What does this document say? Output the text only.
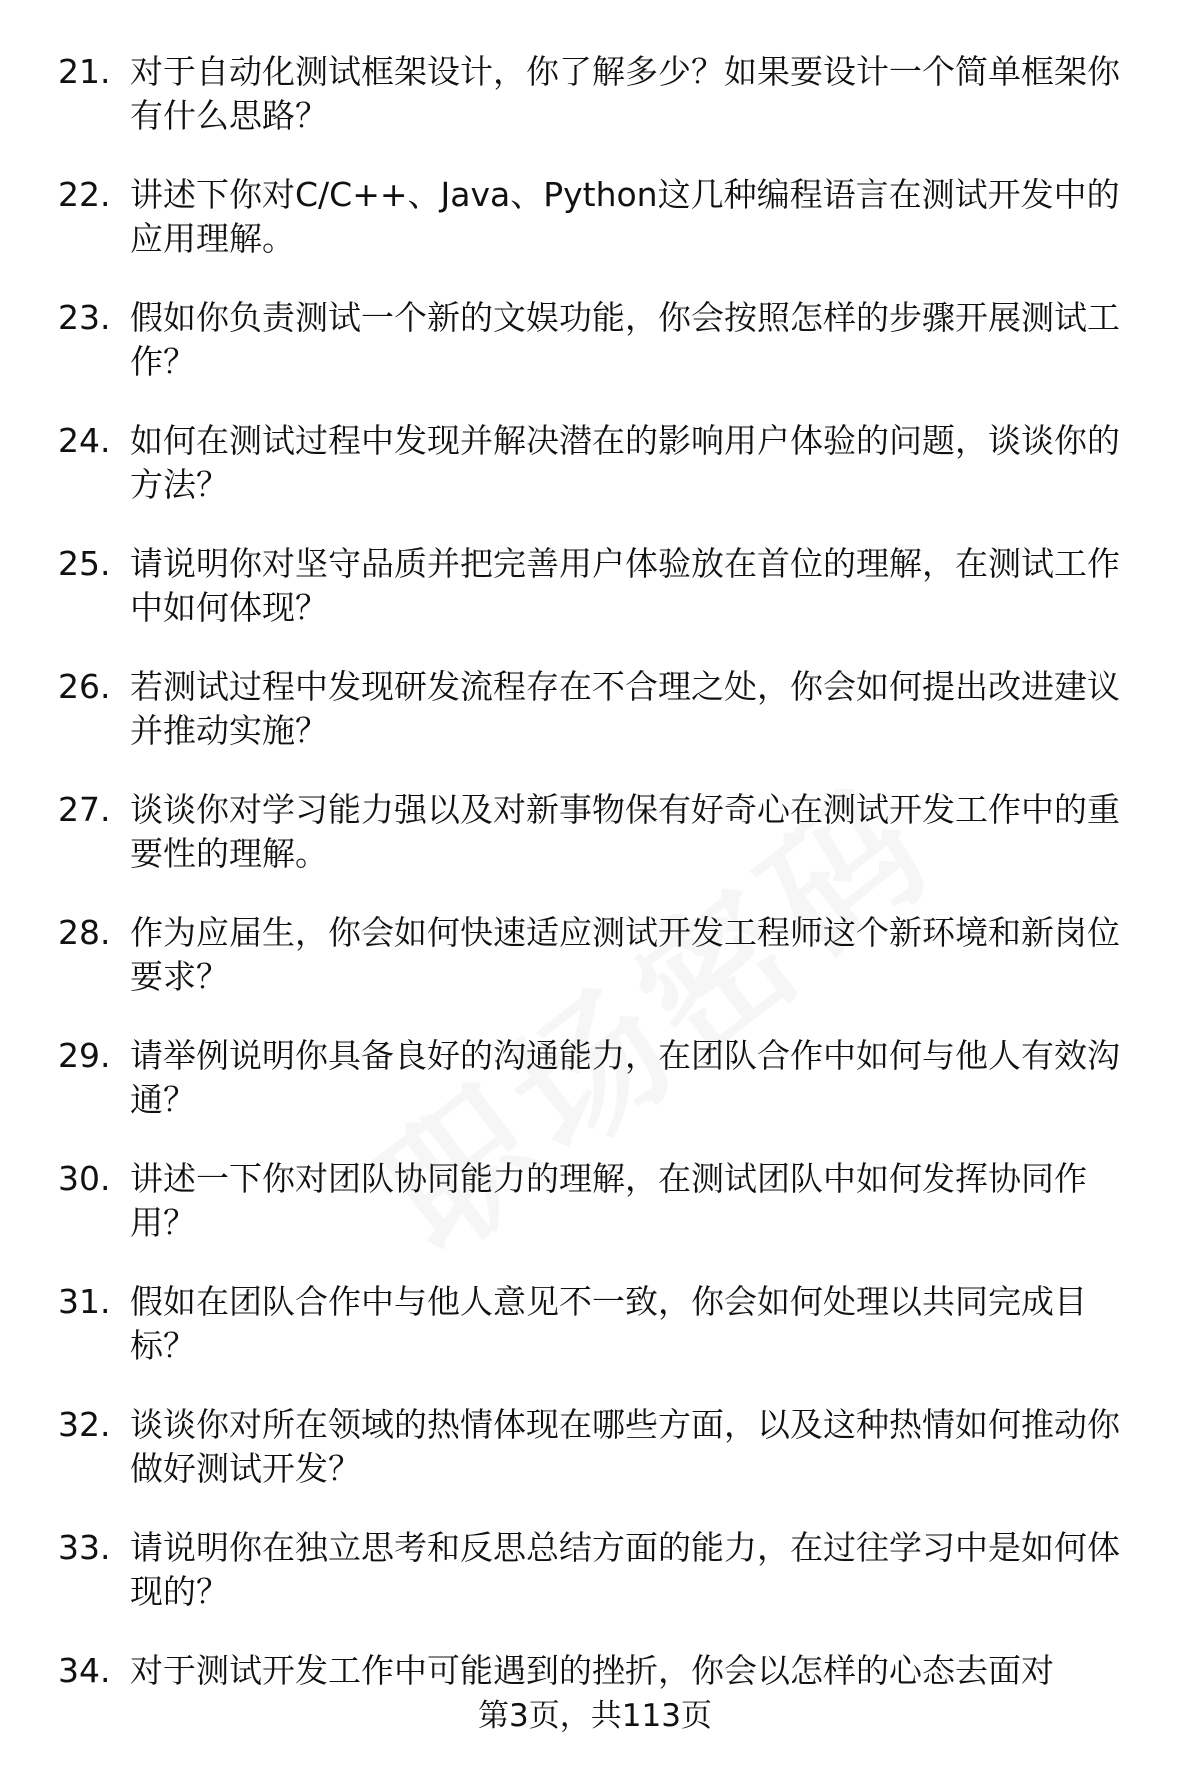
21. 对于自动化测试框架设计，你了解多少？如果要设计一个简单框架你有什么思路？
22. 讲述下你对C/C++、Java、Python这几种编程语言在测试开发中的应用理解。
23. 假如你负责测试一个新的文娱功能，你会按照怎样的步骤开展测试工作？
24. 如何在测试过程中发现并解决潜在的影响用户体验的问题，谈谈你的方法？
25. 请说明你对坚守品质并把完善用户体验放在首位的理解，在测试工作中如何体现？
26. 若测试过程中发现研发流程存在不合理之处，你会如何提出改进建议并推动实施？
27. 谈谈你对学习能力强以及对新事物保有好奇心在测试开发工作中的重要性的理解。
28. 作为应届生，你会如何快速适应测试开发工程师这个新环境和新岗位要求？
29. 请举例说明你具备良好的沟通能力，在团队合作中如何与他人有效沟通？
30. 讲述一下你对团队协同能力的理解，在测试团队中如何发挥协同作用？
31. 假如在团队合作中与他人意见不一致，你会如何处理以共同完成目标？
32. 谈谈你对所在领域的热情体现在哪些方面，以及这种热情如何推动你做好测试开发？
33. 请说明你在独立思考和反思总结方面的能力，在过往学习中是如何体现的？
34. 对于测试开发工作中可能遇到的挫折，你会以怎样的心态去面对
第3页，共113页
